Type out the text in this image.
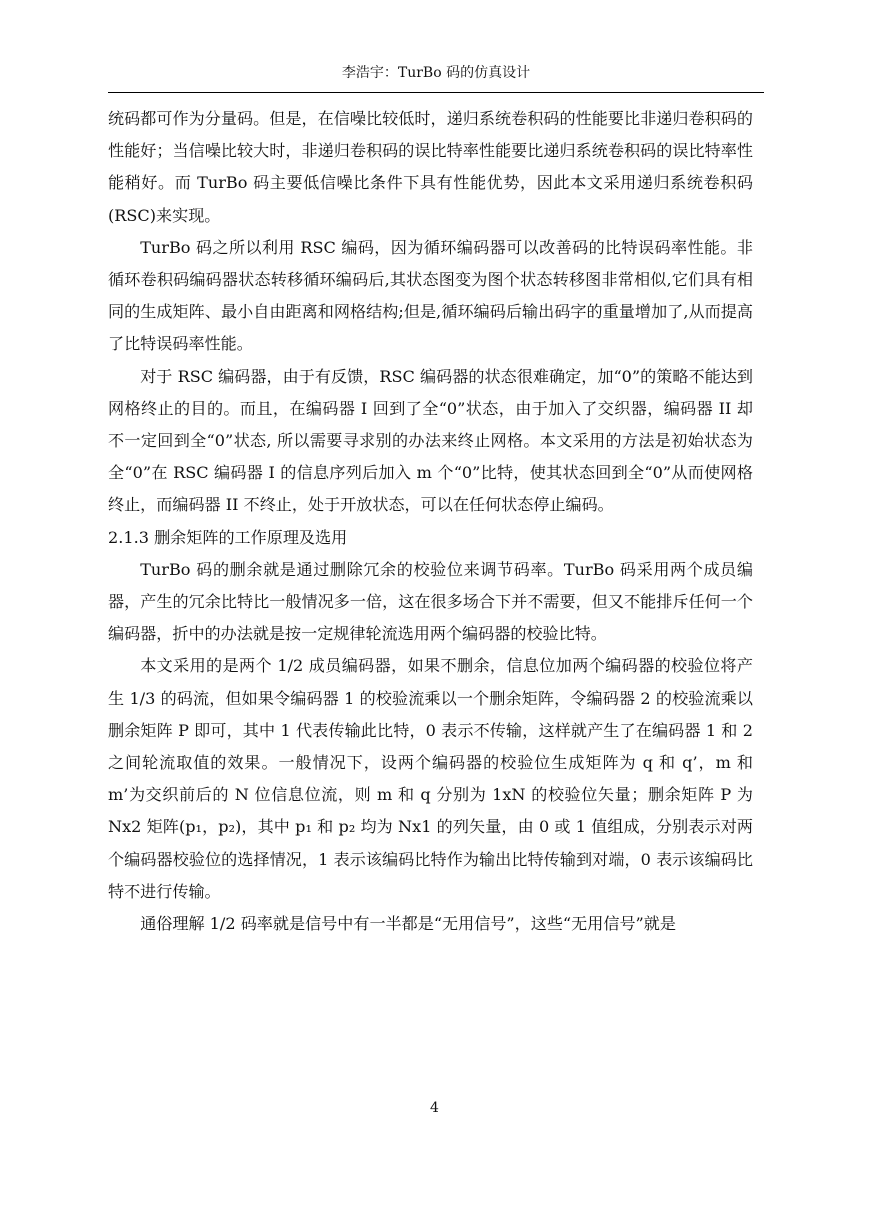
李浩宇：TurBo 码的仿真设计

统码都可作为分量码。但是，在信噪比较低时，递归系统卷积码的性能要比非递归卷积码的性能好；当信噪比较大时，非递归卷积码的误比特率性能要比递归系统卷积码的误比特率性能稍好。而 TurBo 码主要低信噪比条件下具有性能优势，因此本文采用递归系统卷积码(RSC)来实现。

TurBo 码之所以利用 RSC 编码，因为循环编码器可以改善码的比特误码率性能。非循环卷积码编码器状态转移循环编码后,其状态图变为图个状态转移图非常相似,它们具有相同的生成矩阵、最小自由距离和网格结构;但是,循环编码后输出码字的重量增加了,从而提高了比特误码率性能。

对于 RSC 编码器，由于有反馈，RSC 编码器的状态很难确定，加“0”的策略不能达到网格终止的目的。而且，在编码器 I 回到了全“0”状态，由于加入了交织器，编码器 II 却不一定回到全“0”状态, 所以需要寻求别的办法来终止网格。本文采用的方法是初始状态为全“0”在 RSC 编码器 I 的信息序列后加入 m 个“0”比特，使其状态回到全“0”从而使网格终止，而编码器 II 不终止，处于开放状态，可以在任何状态停止编码。

2.1.3 删余矩阵的工作原理及选用

TurBo 码的删余就是通过删除冗余的校验位来调节码率。TurBo 码采用两个成员编器，产生的冗余比特比一般情况多一倍，这在很多场合下并不需要，但又不能排斥任何一个编码器，折中的办法就是按一定规律轮流选用两个编码器的校验比特。

本文采用的是两个 1/2 成员编码器，如果不删余，信息位加两个编码器的校验位将产生 1/3 的码流，但如果令编码器 1 的校验流乘以一个删余矩阵，令编码器 2 的校验流乘以删余矩阵 P 即可，其中 1 代表传输此比特，0 表示不传输，这样就产生了在编码器 1 和 2 之间轮流取值的效果。一般情况下，设两个编码器的校验位生成矩阵为 q 和 q’，m 和 m’为交织前后的 N 位信息位流，则 m 和 q 分别为 1xN 的校验位矢量；删余矩阵 P 为 Nx2 矩阵(p₁，p₂)，其中 p₁ 和 p₂ 均为 Nx1 的列矢量，由 0 或 1 值组成，分别表示对两个编码器校验位的选择情况，1 表示该编码比特作为输出比特传输到对端，0 表示该编码比特不进行传输。

通俗理解 1/2 码率就是信号中有一半都是“无用信号”，这些“无用信号”就是

4
